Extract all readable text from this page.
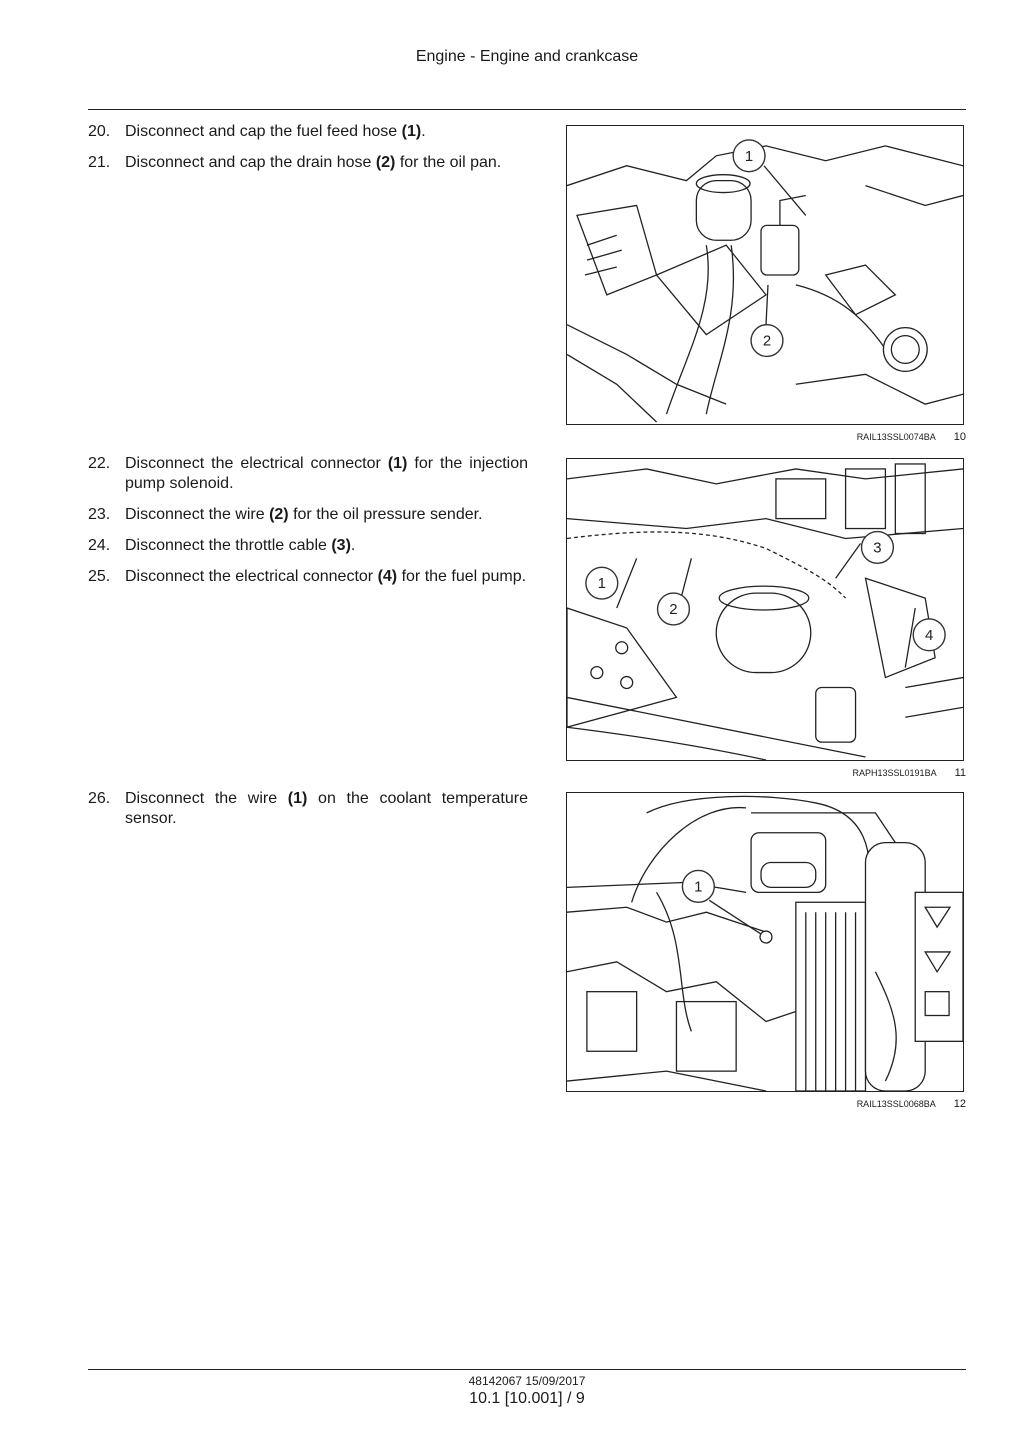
Engine - Engine and crankcase
20. Disconnect and cap the fuel feed hose (1).
21. Disconnect and cap the drain hose (2) for the oil pan.	1
2
RAIL13SSL0074BA 10
22. Disconnect the electrical connector (1) for the injection pump solenoid.
23. Disconnect the wire (2) for the oil pressure sender.
24. Disconnect the throttle cable (3).
25. Disconnect the electrical connector (4) for the fuel pump.	1
2
3
4
RAPH13SSL0191BA 11
26. Disconnect the wire (1) on the coolant temperature sensor.
1
RAIL13SSL0068BA 12
48142067 15/09/2017
10.1 [10.001] / 9
